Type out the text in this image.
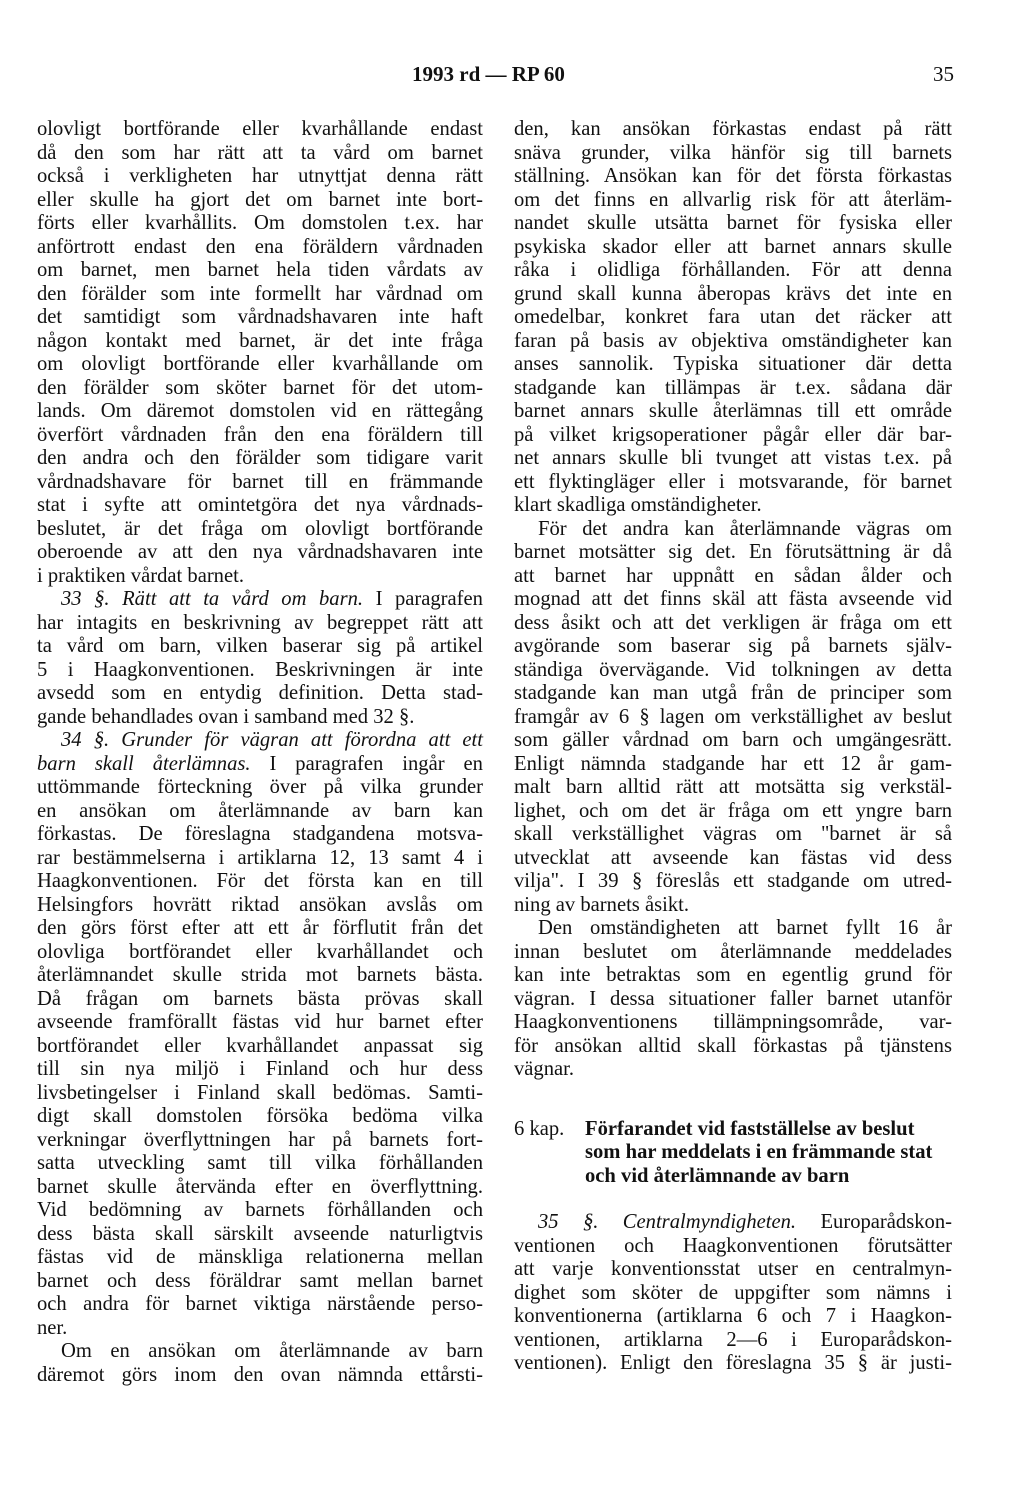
1993 rd — RP 60	35
olovligt bortförande eller kvarhållande endast
då den som har rätt att ta vård om barnet
också i verkligheten har utnyttjat denna rätt
eller skulle ha gjort det om barnet inte bort-
förts eller kvarhållits. Om domstolen t.ex. har
anförtrott endast den ena föräldern vårdnaden
om barnet, men barnet hela tiden vårdats av
den förälder som inte formellt har vårdnad om
det samtidigt som vårdnadshavaren inte haft
någon kontakt med barnet, är det inte fråga
om olovligt bortförande eller kvarhållande om
den förälder som sköter barnet för det utom-
lands. Om däremot domstolen vid en rättegång
överfört vårdnaden från den ena föräldern till
den andra och den förälder som tidigare varit
vårdnadshavare för barnet till en främmande
stat i syfte att omintetgöra det nya vårdnads-
beslutet, är det fråga om olovligt bortförande
oberoende av att den nya vårdnadshavaren inte
i praktiken vårdat barnet.
33 §. Rätt att ta vård om barn. I paragrafen
har intagits en beskrivning av begreppet rätt att
ta vård om barn, vilken baserar sig på artikel
5 i Haagkonventionen. Beskrivningen är inte
avsedd som en entydig definition. Detta stad-
gande behandlades ovan i samband med 32 §.
34 §. Grunder för vägran att förordna att ett
barn skall återlämnas. I paragrafen ingår en
uttömmande förteckning över på vilka grunder
en ansökan om återlämnande av barn kan
förkastas. De föreslagna stadgandena motsva-
rar bestämmelserna i artiklarna 12, 13 samt 4 i
Haagkonventionen. För det första kan en till
Helsingfors hovrätt riktad ansökan avslås om
den görs först efter att ett år förflutit från det
olovliga bortförandet eller kvarhållandet och
återlämnandet skulle strida mot barnets bästa.
Då frågan om barnets bästa prövas skall
avseende framförallt fästas vid hur barnet efter
bortförandet eller kvarhållandet anpassat sig
till sin nya miljö i Finland och hur dess
livsbetingelser i Finland skall bedömas. Samti-
digt skall domstolen försöka bedöma vilka
verkningar överflyttningen har på barnets fort-
satta utveckling samt till vilka förhållanden
barnet skulle återvända efter en överflyttning.
Vid bedömning av barnets förhållanden och
dess bästa skall särskilt avseende naturligtvis
fästas vid de mänskliga relationerna mellan
barnet och dess föräldrar samt mellan barnet
och andra för barnet viktiga närstående perso-
ner.
Om en ansökan om återlämnande av barn
däremot görs inom den ovan nämnda ettårsti-
den, kan ansökan förkastas endast på rätt
snäva grunder, vilka hänför sig till barnets
ställning. Ansökan kan för det första förkastas
om det finns en allvarlig risk för att återläm-
nandet skulle utsätta barnet för fysiska eller
psykiska skador eller att barnet annars skulle
råka i olidliga förhållanden. För att denna
grund skall kunna åberopas krävs det inte en
omedelbar, konkret fara utan det räcker att
faran på basis av objektiva omständigheter kan
anses sannolik. Typiska situationer där detta
stadgande kan tillämpas är t.ex. sådana där
barnet annars skulle återlämnas till ett område
på vilket krigsoperationer pågår eller där bar-
net annars skulle bli tvunget att vistas t.ex. på
ett flyktingläger eller i motsvarande, för barnet
klart skadliga omständigheter.
För det andra kan återlämnande vägras om
barnet motsätter sig det. En förutsättning är då
att barnet har uppnått en sådan ålder och
mognad att det finns skäl att fästa avseende vid
dess åsikt och att det verkligen är fråga om ett
avgörande som baserar sig på barnets själv-
ständiga övervägande. Vid tolkningen av detta
stadgande kan man utgå från de principer som
framgår av 6 § lagen om verkställighet av beslut
som gäller vårdnad om barn och umgängesrätt.
Enligt nämnda stadgande har ett 12 år gam-
malt barn alltid rätt att motsätta sig verkstäl-
lighet, och om det är fråga om ett yngre barn
skall verkställighet vägras om "barnet är så
utvecklat att avseende kan fästas vid dess
vilja". I 39 § föreslås ett stadgande om utred-
ning av barnets åsikt.
Den omständigheten att barnet fyllt 16 år
innan beslutet om återlämnande meddelades
kan inte betraktas som en egentlig grund för
vägran. I dessa situationer faller barnet utanför
Haagkonventionens tillämpningsområde, var-
för ansökan alltid skall förkastas på tjänstens
vägnar.
6 kap.	Förfarandet vid fastställelse av beslut
som har meddelats i en främmande stat
och vid återlämnande av barn
35 §. Centralmyndigheten. Europarådskon-
ventionen och Haagkonventionen förutsätter
att varje konventionsstat utser en centralmyn-
dighet som sköter de uppgifter som nämns i
konventionerna (artiklarna 6 och 7 i Haagkon-
ventionen, artiklarna 2—6 i Europarådskon-
ventionen). Enligt den föreslagna 35 § är justi-
